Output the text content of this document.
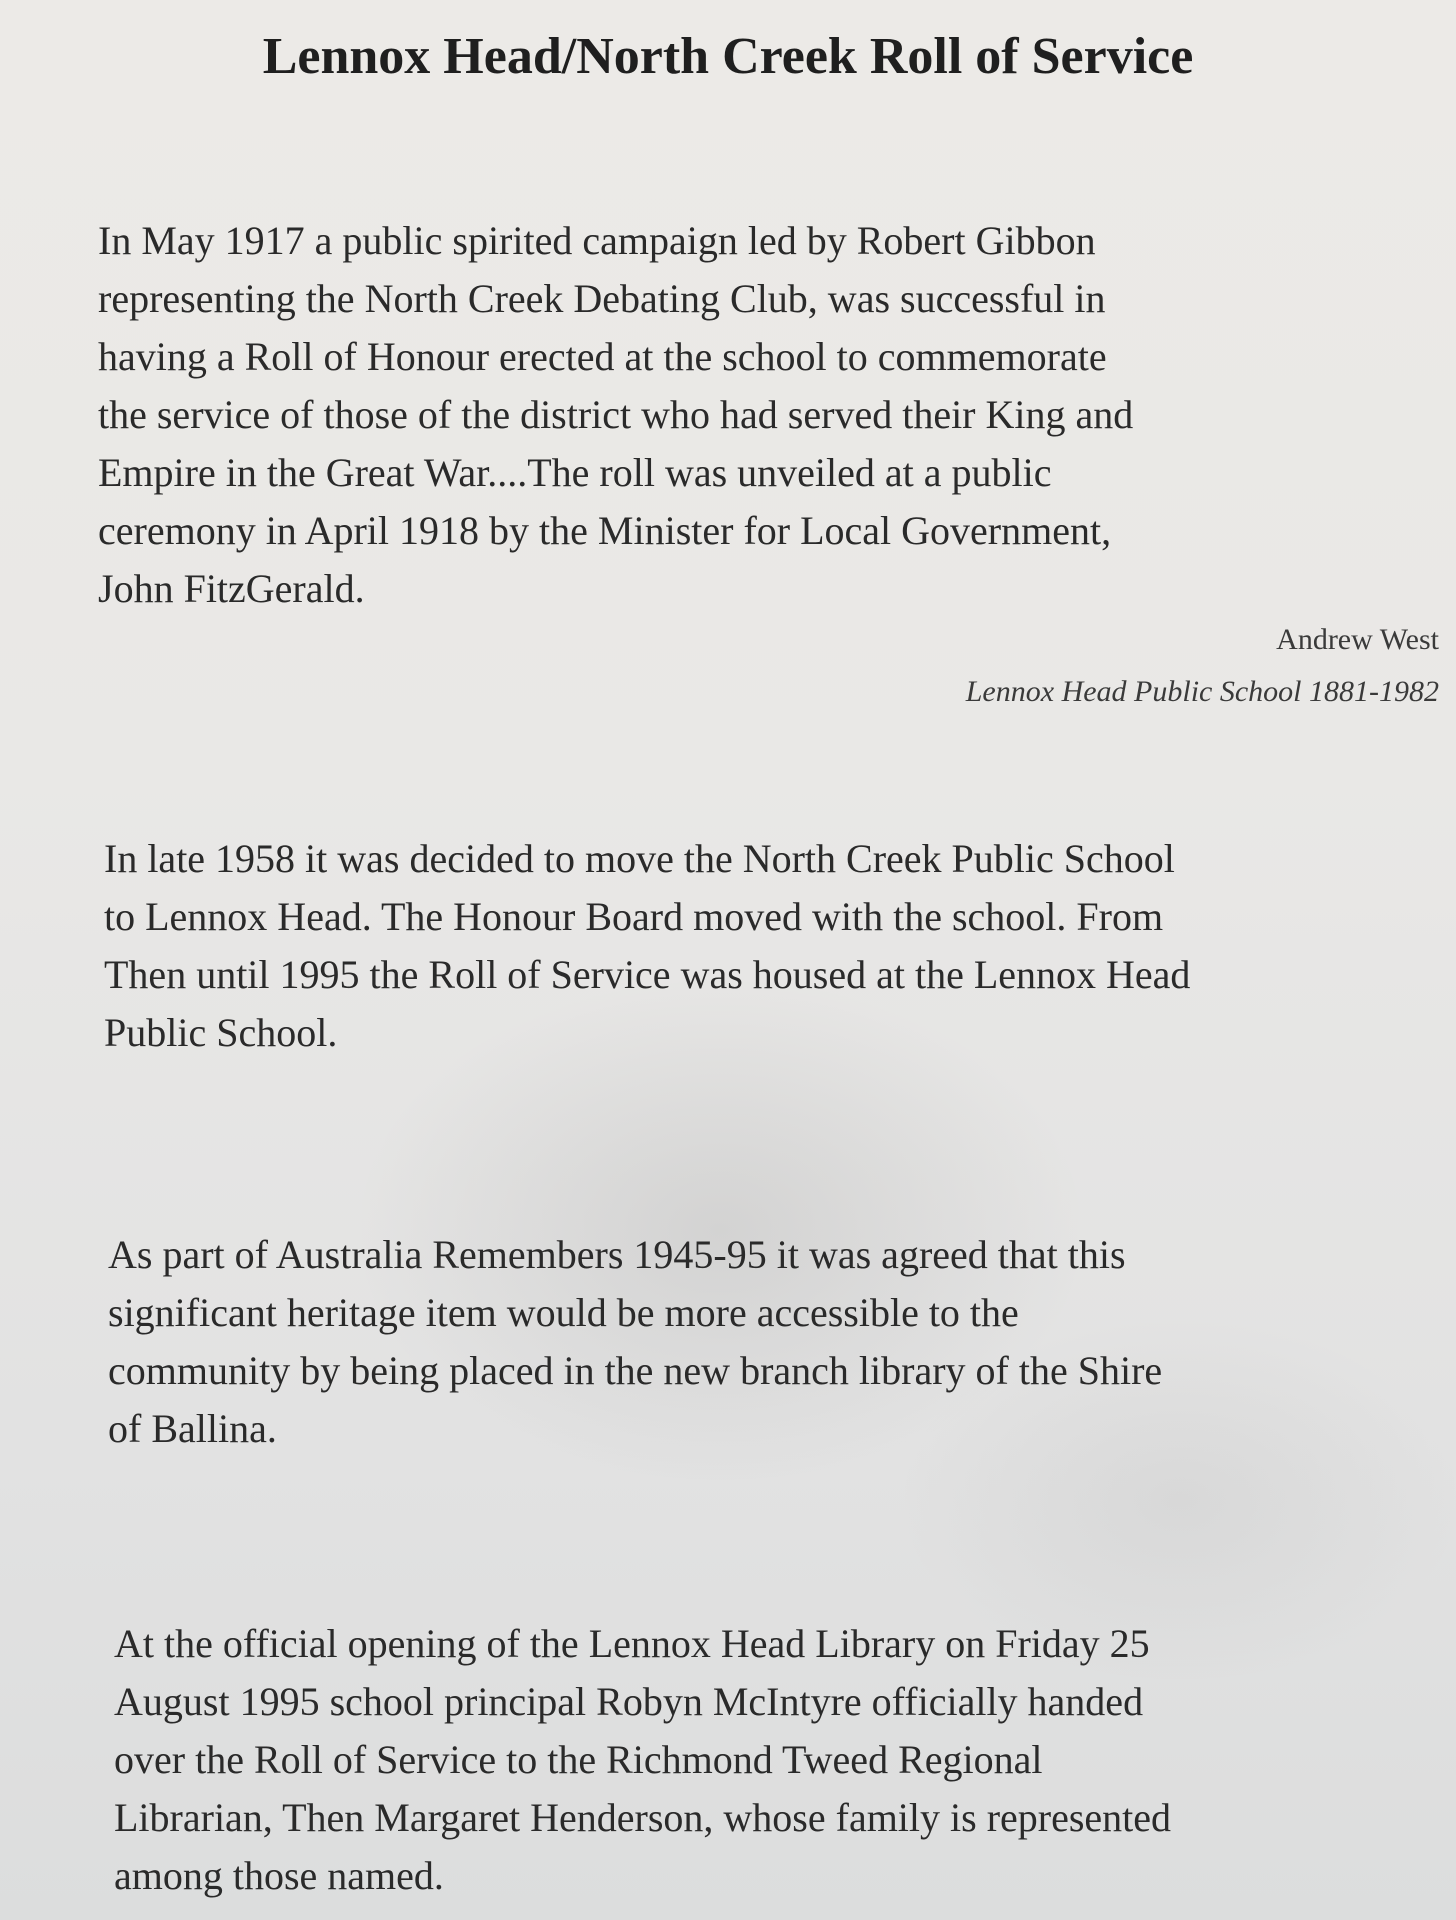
Lennox Head/North Creek Roll of Service
In May 1917 a public spirited campaign led by Robert Gibbon
representing the North Creek Debating Club, was successful in
having a Roll of Honour erected at the school to commemorate
the service of those of the district who had served their King and
Empire in the Great War....The roll was unveiled at a public
ceremony in April 1918 by the Minister for Local Government,
John FitzGerald.

Andrew West

Lennox Head Public School 1881-1982

In late 1958 it was decided to move the North Creek Public School
to Lennox Head. The Honour Board moved with the school. From
Then until 1995 the Roll of Service was housed at the Lennox Head
Public School.
As part of Australia Remembers 1945-95 it was agreed that this
significant heritage item would be more accessible to the
community by being placed in the new branch library of the Shire
of Ballina.
At the official opening of the Lennox Head Library on Friday 25
August 1995 school principal Robyn McIntyre officially handed
over the Roll of Service to the Richmond Tweed Regional
Librarian, Then Margaret Henderson, whose family is represented
among those named.
